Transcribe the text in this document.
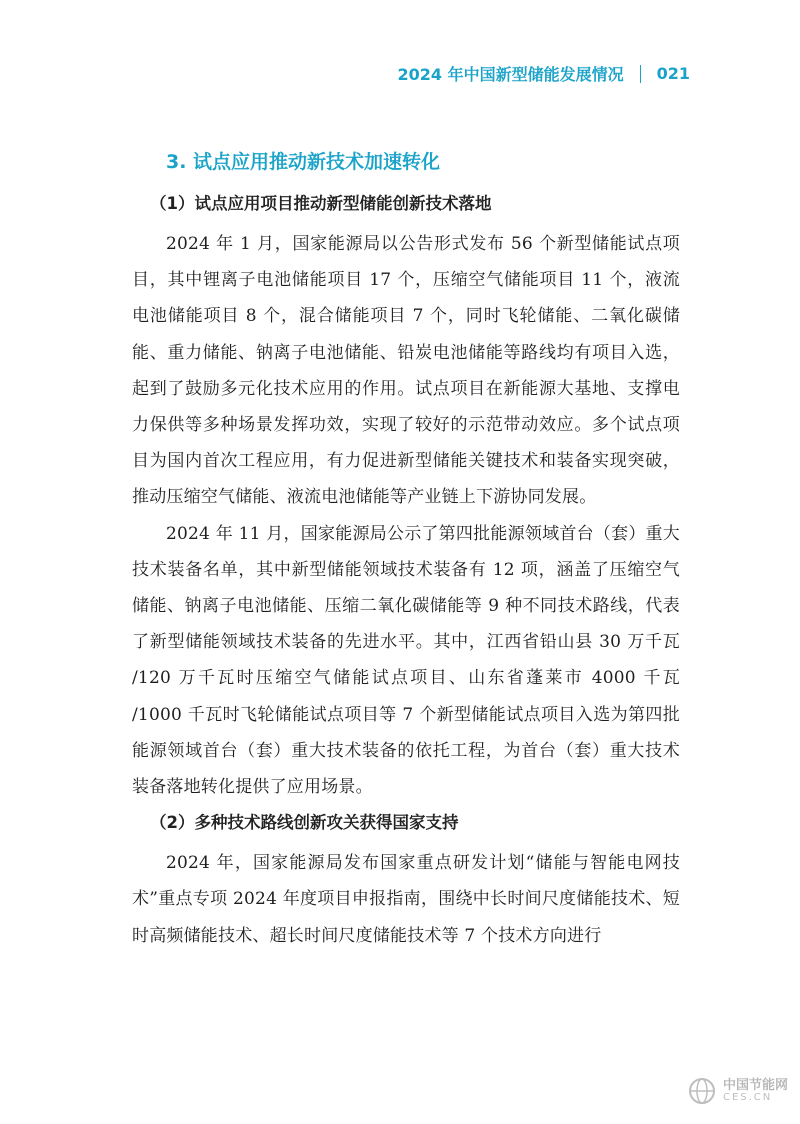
2024 年中国新型储能发展情况 021
3. 试点应用推动新技术加速转化
（1）试点应用项目推动新型储能创新技术落地

2024 年 1 月，国家能源局以公告形式发布 56 个新型储能试点项目，其中锂离子电池储能项目 17 个，压缩空气储能项目 11 个，液流电池储能项目 8 个，混合储能项目 7 个，同时飞轮储能、二氧化碳储能、重力储能、钠离子电池储能、铅炭电池储能等路线均有项目入选，起到了鼓励多元化技术应用的作用。试点项目在新能源大基地、支撑电力保供等多种场景发挥功效，实现了较好的示范带动效应。多个试点项目为国内首次工程应用，有力促进新型储能关键技术和装备实现突破，推动压缩空气储能、液流电池储能等产业链上下游协同发展。

2024 年 11 月，国家能源局公示了第四批能源领域首台（套）重大技术装备名单，其中新型储能领域技术装备有 12 项，涵盖了压缩空气储能、钠离子电池储能、压缩二氧化碳储能等 9 种不同技术路线，代表了新型储能领域技术装备的先进水平。其中，江西省铅山县 30 万千瓦 /120 万千瓦时压缩空气储能试点项目、山东省蓬莱市 4000 千瓦 /1000 千瓦时飞轮储能试点项目等 7 个新型储能试点项目入选为第四批能源领域首台（套）重大技术装备的依托工程，为首台（套）重大技术装备落地转化提供了应用场景。

（2）多种技术路线创新攻关获得国家支持

2024 年，国家能源局发布国家重点研发计划“储能与智能电网技术”重点专项 2024 年度项目申报指南，围绕中长时间尺度储能技术、短时高频储能技术、超长时间尺度储能技术等 7 个技术方向进行

中国节能网
CES.CN
